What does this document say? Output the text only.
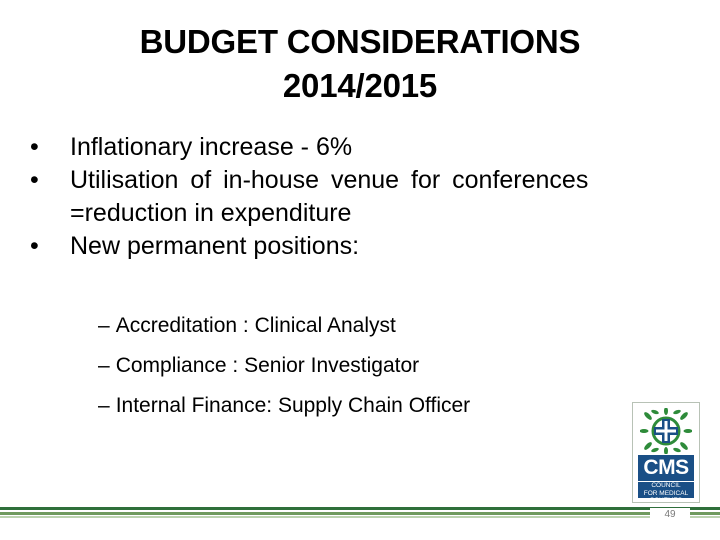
BUDGET CONSIDERATIONS
2014/2015
• Inflationary increase - 6%
• Utilisation of in-house venue for conferences
=reduction in expenditure
• New permanent positions:
– Accreditation : Clinical Analyst
– Compliance : Senior Investigator
– Internal Finance: Supply Chain Officer
CMS
COUNCIL
FOR MEDICAL SCHEMES
49
